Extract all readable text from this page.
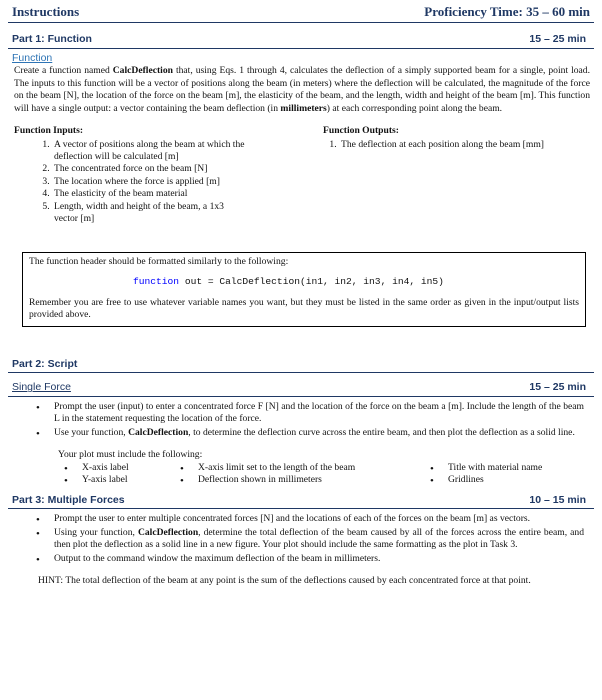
Instructions	Proficiency Time: 35 – 60 min
Part 1: Function	15 – 25 min
Function

Create a function named CalcDeflection that, using Eqs. 1 through 4, calculates the deflection of a simply supported beam for a single, point load. The inputs to this function will be a vector of positions along the beam (in meters) where the deflection will be calculated, the magnitude of the force on the beam [N], the location of the force on the beam [m], the elasticity of the beam, and the length, width and height of the beam [m]. This function will have a single output: a vector containing the beam deflection (in millimeters) at each corresponding point along the beam.

Function Inputs:
1. A vector of positions along the beam at which the deflection will be calculated [m]
2. The concentrated force on the beam [N]
3. The location where the force is applied [m]
4. The elasticity of the beam material
5. Length, width and height of the beam, a 1x3 vector [m]
Function Outputs:
1. The deflection at each position along the beam [mm]
The function header should be formatted similarly to the following:
function out = CalcDeflection(in1, in2, in3, in4, in5)
Remember you are free to use whatever variable names you want, but they must be listed in the same order as given in the input/output lists provided above.
Part 2: Script
Single Force	15 – 25 min
• Prompt the user (input) to enter a concentrated force F [N] and the location of the force on the beam a [m]. Include the length of the beam L in the statement requesting the location of the force.
• Use your function, CalcDeflection, to determine the deflection curve across the entire beam, and then plot the deflection as a solid line.
Your plot must include the following:
• X-axis label
• Y-axis label
• X-axis limit set to the length of the beam
• Deflection shown in millimeters
• Title with material name
• Gridlines
Part 3: Multiple Forces	10 – 15 min
• Prompt the user to enter multiple concentrated forces [N] and the locations of each of the forces on the beam [m] as vectors.
• Using your function, CalcDeflection, determine the total deflection of the beam caused by all of the forces across the entire beam, and then plot the deflection as a solid line in a new figure. Your plot should include the same formatting as the plot in Task 3.
• Output to the command window the maximum deflection of the beam in millimeters.
HINT: The total deflection of the beam at any point is the sum of the deflections caused by each concentrated force at that point.
